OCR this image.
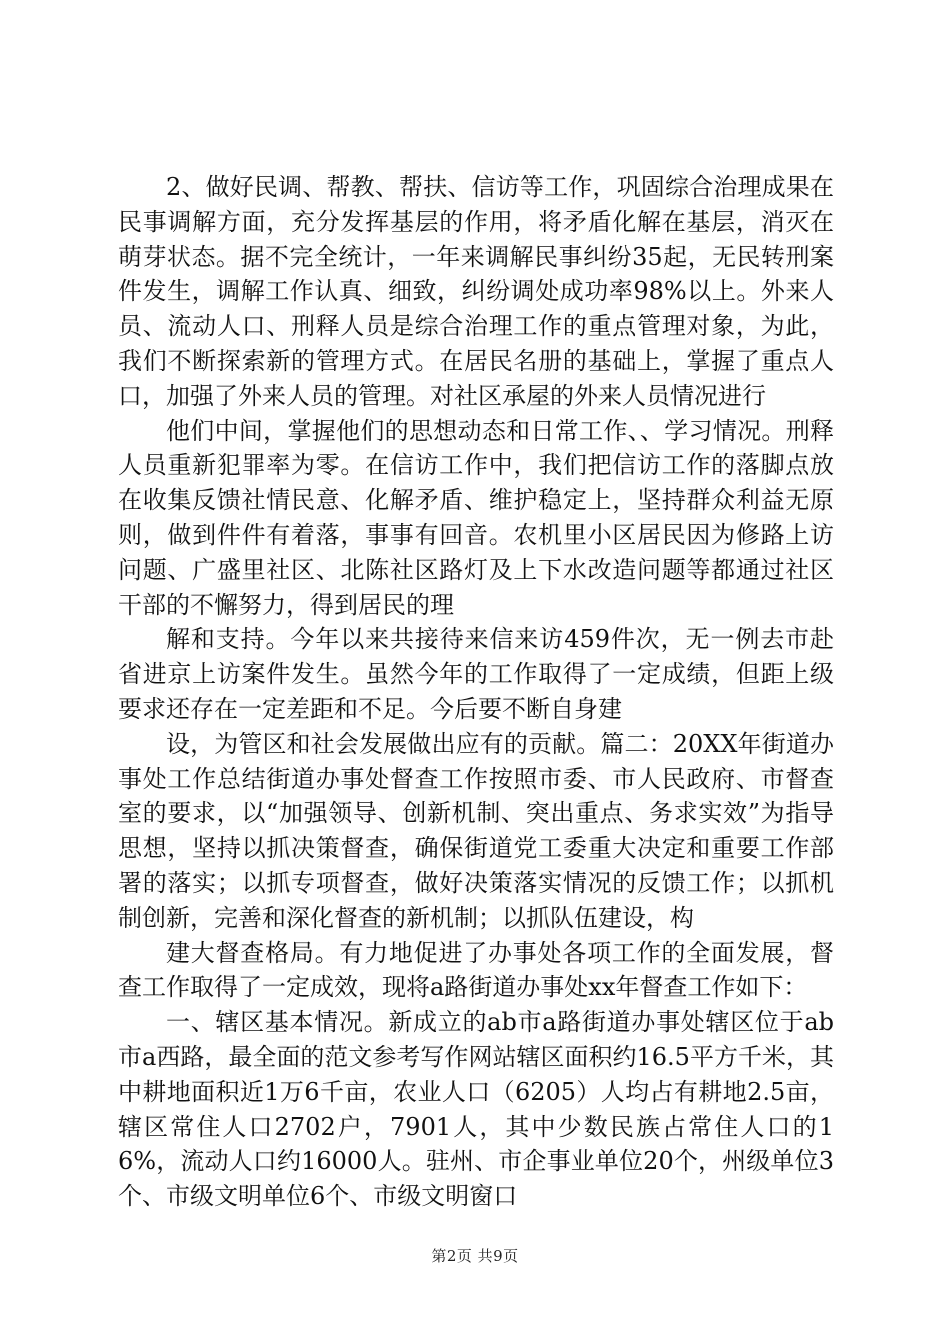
2、做好民调、帮教、帮扶、信访等工作，巩固综合治理成果在民事调解方面，充分发挥基层的作用，将矛盾化解在基层，消灭在萌芽状态。据不完全统计，一年来调解民事纠纷35起，无民转刑案件发生，调解工作认真、细致，纠纷调处成功率98%以上。外来人员、流动人口、刑释人员是综合治理工作的重点管理对象，为此，我们不断探索新的管理方式。在居民名册的基础上，掌握了重点人口，加强了外来人员的管理。对社区承屋的外来人员情况进行

他们中间，掌握他们的思想动态和日常工作、、学习情况。刑释人员重新犯罪率为零。在信访工作中，我们把信访工作的落脚点放在收集反馈社情民意、化解矛盾、维护稳定上，坚持群众利益无原则，做到件件有着落，事事有回音。农机里小区居民因为修路上访问题、广盛里社区、北陈社区路灯及上下水改造问题等都通过社区干部的不懈努力，得到居民的理

解和支持。今年以来共接待来信来访459件次，无一例去市赴省进京上访案件发生。虽然今年的工作取得了一定成绩，但距上级要求还存在一定差距和不足。今后要不断自身建

设，为管区和社会发展做出应有的贡献。篇二：20XX年街道办事处工作总结街道办事处督查工作按照市委、市人民政府、市督查室的要求，以“加强领导、创新机制、突出重点、务求实效”为指导思想，坚持以抓决策督查，确保街道党工委重大决定和重要工作部署的落实；以抓专项督查，做好决策落实情况的反馈工作；以抓机制创新，完善和深化督查的新机制；以抓队伍建设，构

建大督查格局。有力地促进了办事处各项工作的全面发展，督查工作取得了一定成效，现将a路街道办事处xx年督查工作如下：

一、辖区基本情况。新成立的ab市a路街道办事处辖区位于ab市a西路，最全面的范文参考写作网站辖区面积约16.5平方千米，其中耕地面积近1万6千亩，农业人口（6205）人均占有耕地2.5亩，辖区常住人口2702户，7901人，其中少数民族占常住人口的16%，流动人口约16000人。驻州、市企事业单位20个，州级单位3个、市级文明单位6个、市级文明窗口

第2页 共9页
